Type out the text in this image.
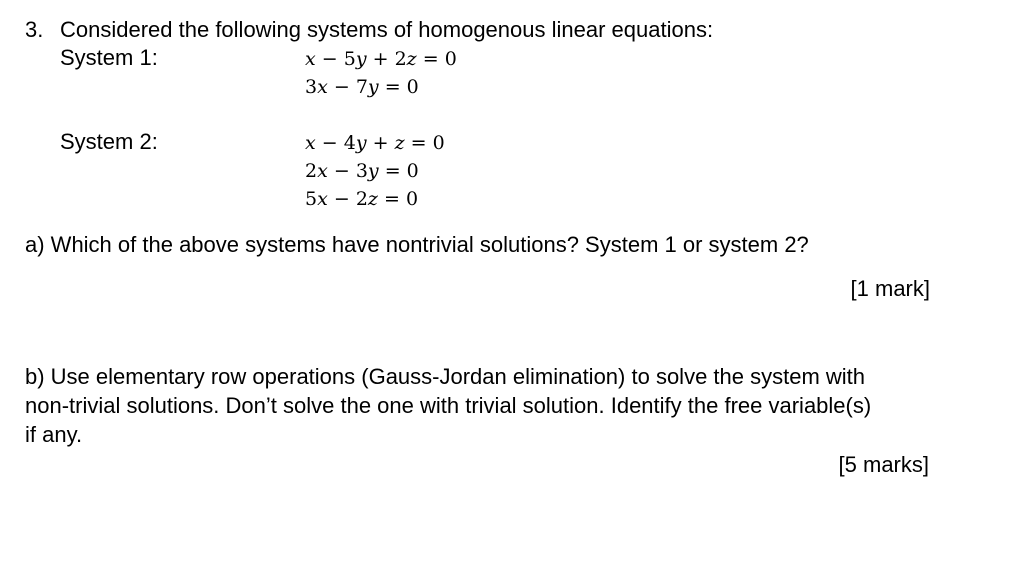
3. Considered the following systems of homogenous linear equations:
System 1:	x − 5y + 2z = 0
3x − 7y = 0
System 2:	x − 4y + z = 0
2x − 3y = 0
5x − 2z = 0
a) Which of the above systems have nontrivial solutions? System 1 or system 2?
[1 mark]
b) Use elementary row operations (Gauss-Jordan elimination) to solve the system with
non-trivial solutions. Don’t solve the one with trivial solution. Identify the free variable(s)
if any.
[5 marks]
